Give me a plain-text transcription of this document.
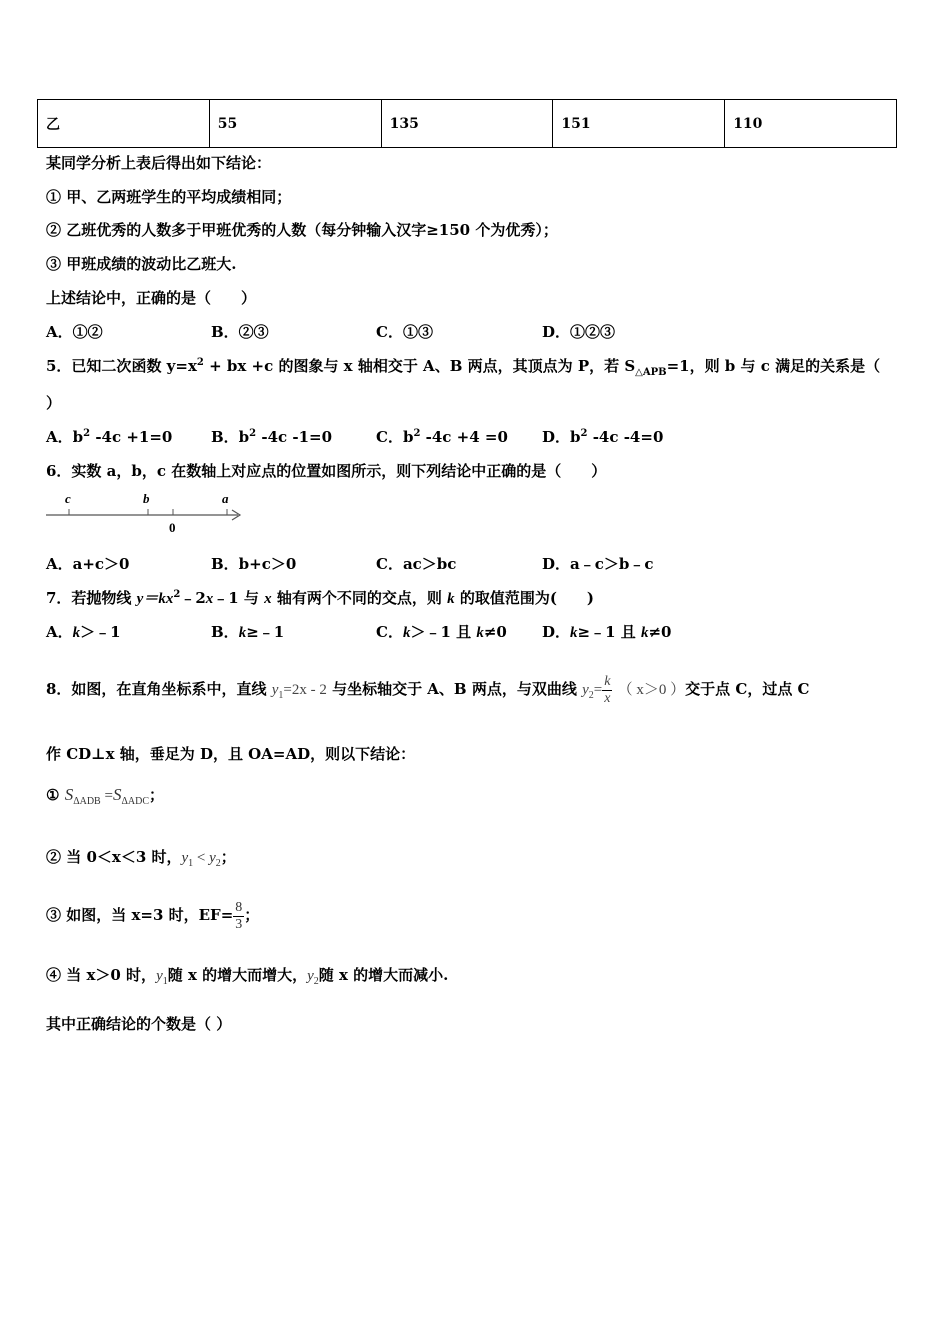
乙	55	135	151	110
某同学分析上表后得出如下结论：
① 甲、乙两班学生的平均成绩相同；
② 乙班优秀的人数多于甲班优秀的人数（每分钟输入汉字≥150 个为优秀）；
③ 甲班成绩的波动比乙班大.
上述结论中，正确的是（　　）
A．①②	B．②③	C．①③	D．①②③
5．已知二次函数 $y=x^2$ + bx +c 的图象与 x 轴相交于 A、B 两点，其顶点为 P，若 $S_{\triangle APB}=1$，则 b 与 c 满足的关系是（
）
A．$b^2$ -4c +1=0	B．$b^2$ -4c -1=0	C．$b^2$ -4c +4 =0 D．$b^2$ -4c -4=0
6．实数 a，b，c 在数轴上对应点的位置如图所示，则下列结论中正确的是（　　）
c	b
0
a
A．a+c＞0	B．b+c＞0	C．ac＞bc	D．a﹣c＞b﹣c
7．若抛物线 $y=kx^2﹣2x﹣1$ 与 x 轴有两个不同的交点，则 k 的取值范围为(　　)
A．k＞﹣1	B．k≥﹣1	C．k＞﹣1 且 k≠0 D．k≥﹣1 且 k≠0
8．如图，在直角坐标系中，直线 $y_1=2x - 2$ 与坐标轴交于 A、B 两点，与双曲线 $y_2= \frac{k}{x}$ （ x＞0 ）交于点 C，过点 C
作 CD⊥x 轴，垂足为 D，且 OA=AD，则以下结论：
① $S_{\Delta ADB} =S_{\Delta ADC}$；
② 当 0＜x＜3 时，$y_1 < y_2$；
③ 如图，当 x=3 时，$EF= \frac{8}{3}$ ；
④ 当 x＞0 时，$y_1$随 x 的增大而增大，$y_2$随 x 的增大而减小.
其中正确结论的个数是（ ）
